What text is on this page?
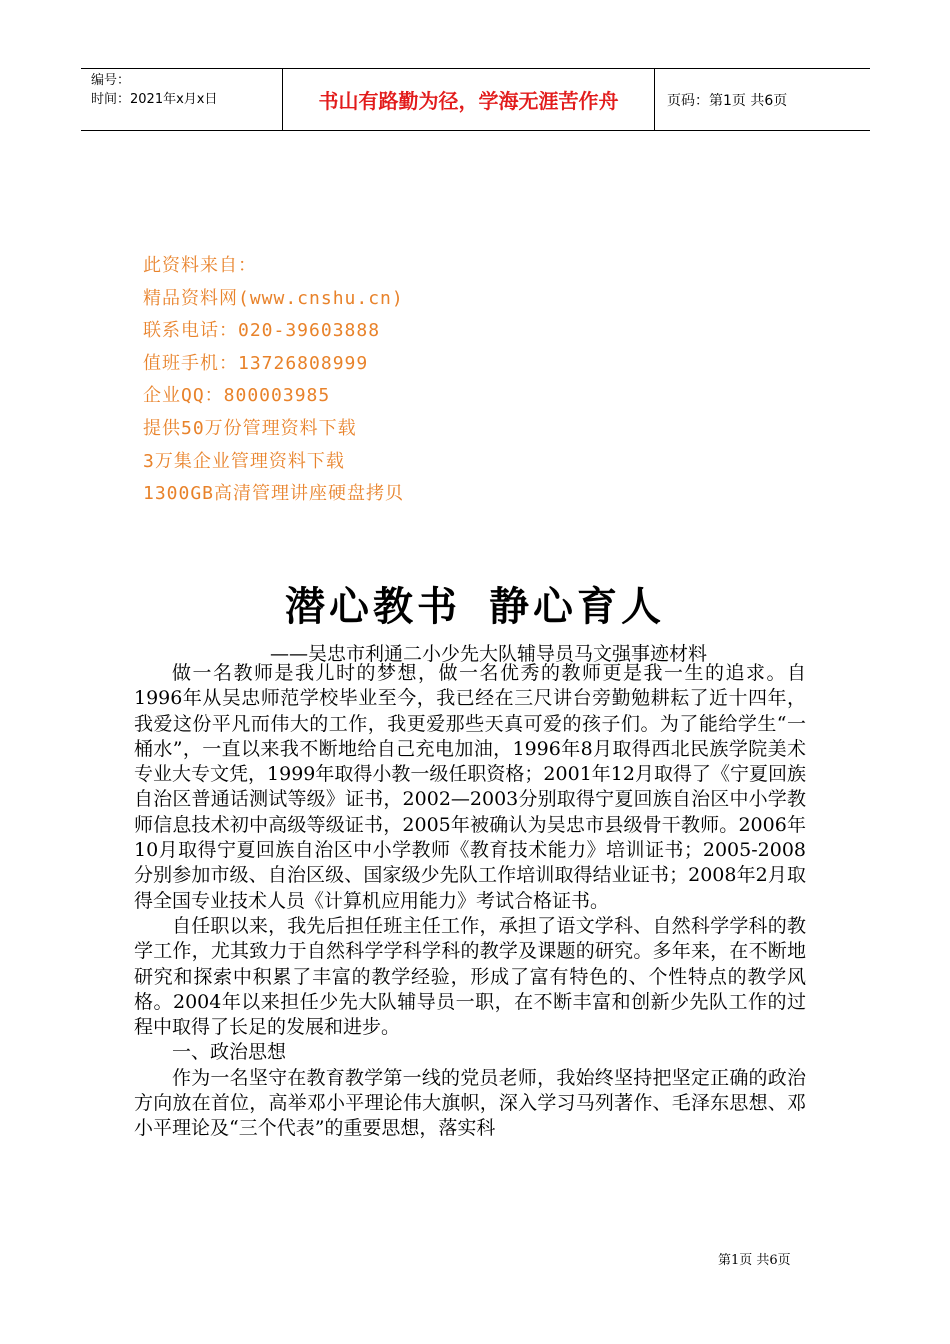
编号：
时间：2021年x月x日	书山有路勤为径，学海无涯苦作舟	页码：第1页 共6页
此资料来自：
精品资料网(www.cnshu.cn)
联系电话：020-39603888
值班手机：13726808999
企业QQ：800003985
提供50万份管理资料下载
3万集企业管理资料下载
1300GB高清管理讲座硬盘拷贝
潜心教书 静心育人
——吴忠市利通二小少先大队辅导员马文强事迹材料

做一名教师是我儿时的梦想，做一名优秀的教师更是我一生的追求。自1996年从吴忠师范学校毕业至今，我已经在三尺讲台旁勤勉耕耘了近十四年，我爱这份平凡而伟大的工作，我更爱那些天真可爱的孩子们。为了能给学生“一桶水”，一直以来我不断地给自己充电加油，1996年8月取得西北民族学院美术专业大专文凭，1999年取得小教一级任职资格；2001年12月取得了《宁夏回族自治区普通话测试等级》证书，2002—2003分别取得宁夏回族自治区中小学教师信息技术初中高级等级证书，2005年被确认为吴忠市县级骨干教师。2006年10月取得宁夏回族自治区中小学教师《教育技术能力》培训证书；2005-2008分别参加市级、自治区级、国家级少先队工作培训取得结业证书；2008年2月取得全国专业技术人员《计算机应用能力》考试合格证书。

自任职以来，我先后担任班主任工作，承担了语文学科、自然科学学科的教学工作，尤其致力于自然科学学科学科的教学及课题的研究。多年来，在不断地研究和探索中积累了丰富的教学经验，形成了富有特色的、个性特点的教学风格。2004年以来担任少先大队辅导员一职，在不断丰富和创新少先队工作的过程中取得了长足的发展和进步。

一、政治思想

作为一名坚守在教育教学第一线的党员老师，我始终坚持把坚定正确的政治方向放在首位，高举邓小平理论伟大旗帜，深入学习马列著作、毛泽东思想、邓小平理论及“三个代表”的重要思想，落实科

第1页 共6页
